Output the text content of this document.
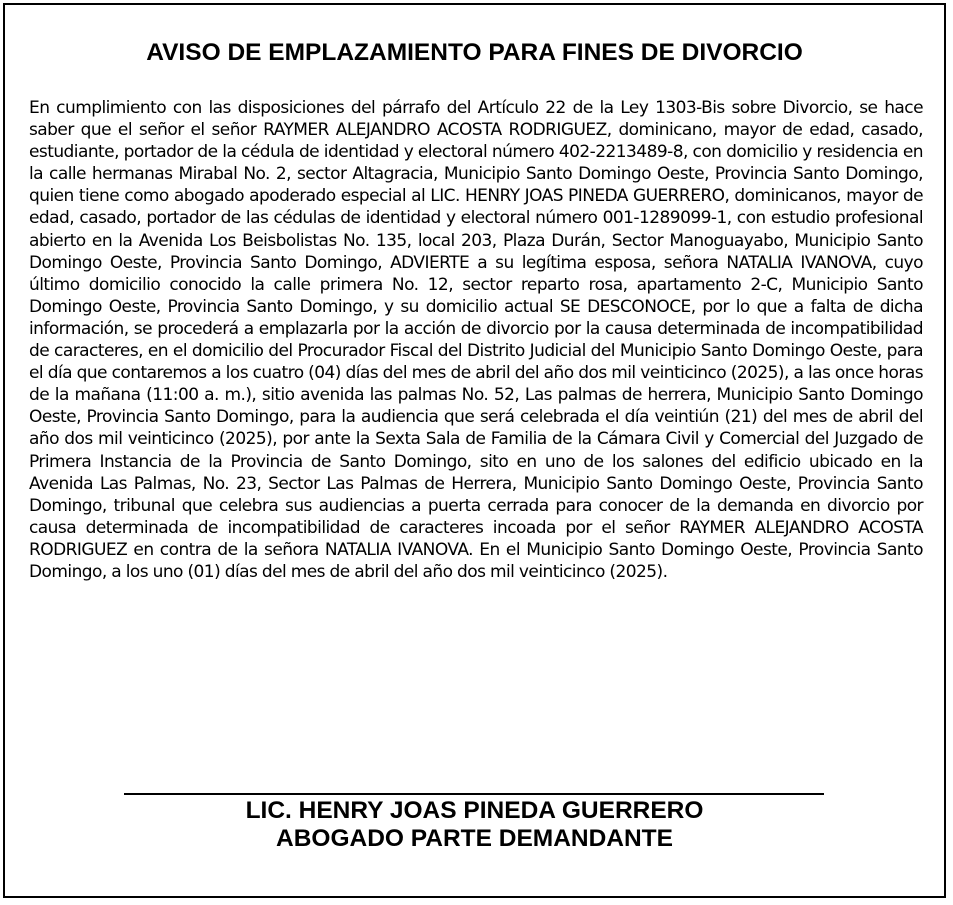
AVISO DE EMPLAZAMIENTO PARA FINES DE DIVORCIO

En cumplimiento con las disposiciones del párrafo del Artículo 22 de la Ley 1303-Bis sobre Divorcio, se hace saber que el señor el señor RAYMER ALEJANDRO ACOSTA RODRIGUEZ, dominicano, mayor de edad, casado, estudiante, portador de la cédula de identidad y electoral número 402-2213489-8, con domicilio y residencia en la calle hermanas Mirabal No. 2, sector Altagracia, Municipio Santo Domingo Oeste, Provincia Santo Domingo, quien tiene como abogado apoderado especial al LIC. HENRY JOAS PINEDA GUERRERO, dominicanos, mayor de edad, casado, portador de las cédulas de identidad y electoral número 001-1289099-1, con estudio profesional abierto en la Avenida Los Beisbolistas No. 135, local 203, Plaza Durán, Sector Manoguayabo, Municipio Santo Domingo Oeste, Provincia Santo Domingo, ADVIERTE a su legítima esposa, señora NATALIA IVANOVA, cuyo último domicilio conocido la calle primera No. 12, sector reparto rosa, apartamento 2-C, Municipio Santo Domingo Oeste, Provincia Santo Domingo, y su domicilio actual SE DESCONOCE, por lo que a falta de dicha información, se procederá a emplazarla por la acción de divorcio por la causa determinada de incompatibilidad de caracteres, en el domicilio del Procurador Fiscal del Distrito Judicial del Municipio Santo Domingo Oeste, para el día que contaremos a los cuatro (04) días del mes de abril del año dos mil veinticinco (2025), a las once horas de la mañana (11:00 a. m.), sitio avenida las palmas No. 52, Las palmas de herrera, Municipio Santo Domingo Oeste, Provincia Santo Domingo, para la audiencia que será celebrada el día veintiún (21) del mes de abril del año dos mil veinticinco (2025), por ante la Sexta Sala de Familia de la Cámara Civil y Comercial del Juzgado de Primera Instancia de la Provincia de Santo Domingo, sito en uno de los salones del edificio ubicado en la Avenida Las Palmas, No. 23, Sector Las Palmas de Herrera, Municipio Santo Domingo Oeste, Provincia Santo Domingo, tribunal que celebra sus audiencias a puerta cerrada para conocer de la demanda en divorcio por causa determinada de incompatibilidad de caracteres incoada por el señor RAYMER ALEJANDRO ACOSTA RODRIGUEZ en contra de la señora NATALIA IVANOVA. En el Municipio Santo Domingo Oeste, Provincia Santo Domingo, a los uno (01) días del mes de abril del año dos mil veinticinco (2025).

LIC. HENRY JOAS PINEDA GUERRERO
ABOGADO PARTE DEMANDANTE
